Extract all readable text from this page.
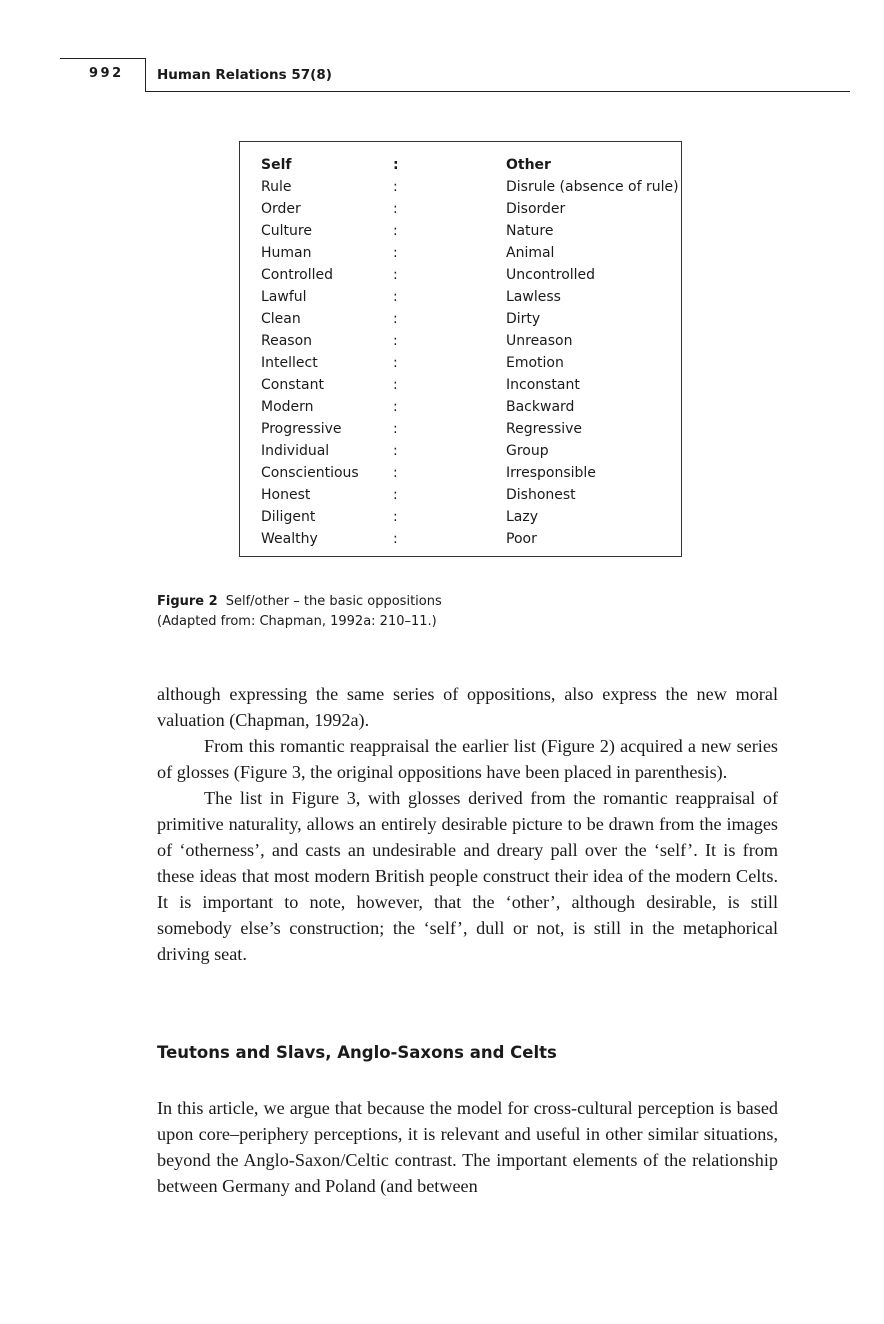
992 Human Relations 57(8)
Self	:	Other
Rule	:	Disrule (absence of rule)
Order	:	Disorder
Culture	:	Nature
Human	:	Animal
Controlled	:	Uncontrolled
Lawful	:	Lawless
Clean	:	Dirty
Reason	:	Unreason
Intellect	:	Emotion
Constant	:	Inconstant
Modern	:	Backward
Progressive	:	Regressive
Individual	:	Group
Conscientious :	Irresponsible
Honest	:	Dishonest
Diligent	:	Lazy
Wealthy	:	Poor
Figure 2 Self/other – the basic oppositions
(Adapted from: Chapman, 1992a: 210–11.)

although expressing the same series of oppositions, also express the new moral valuation (Chapman, 1992a).

From this romantic reappraisal the earlier list (Figure 2) acquired a new series of glosses (Figure 3, the original oppositions have been placed in parenthesis).

The list in Figure 3, with glosses derived from the romantic reappraisal of primitive naturality, allows an entirely desirable picture to be drawn from the images of ‘otherness’, and casts an undesirable and dreary pall over the ‘self’. It is from these ideas that most modern British people construct their idea of the modern Celts. It is important to note, however, that the ‘other’, although desirable, is still somebody else’s construction; the ‘self’, dull or not, is still in the metaphorical driving seat.

Teutons and Slavs, Anglo-Saxons and Celts

In this article, we argue that because the model for cross-cultural perception is based upon core–periphery perceptions, it is relevant and useful in other similar situations, beyond the Anglo-Saxon/Celtic contrast. The important elements of the relationship between Germany and Poland (and between
